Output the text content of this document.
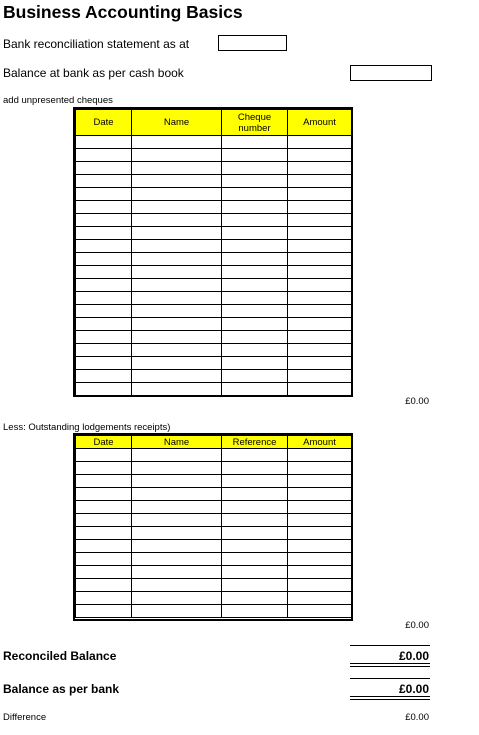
Business Accounting Basics
Bank reconciliation statement as at
Balance at bank as per cash book
add unpresented cheques
Date	Name	Cheque number	Amount

£0.00
Less: Outstanding lodgements receipts)
Date	Name	Reference	Amount

£0.00
Reconciled Balance	£0.00
Balance as per bank	£0.00
Difference	£0.00
